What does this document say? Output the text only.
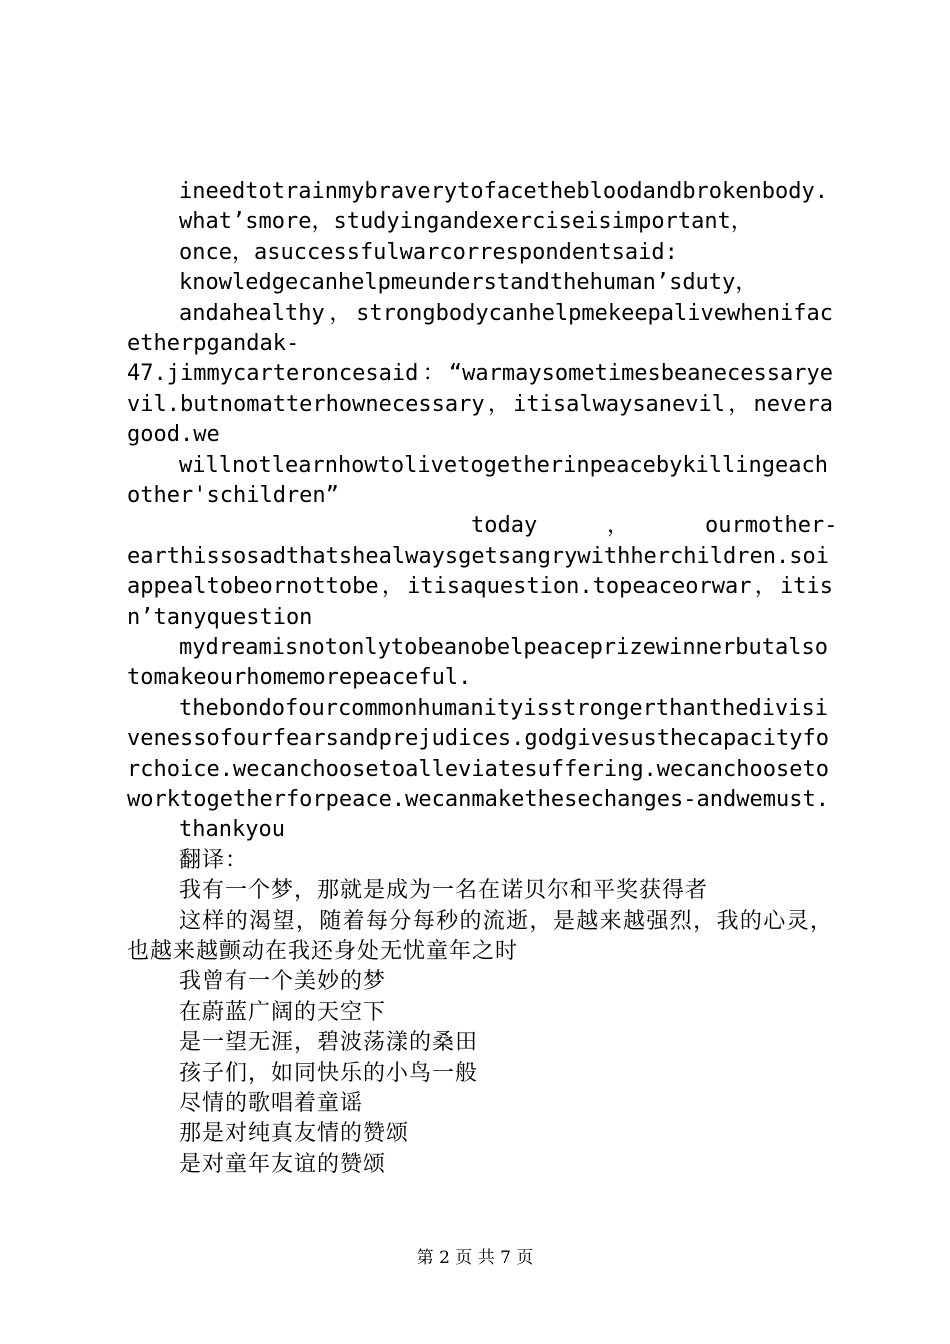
ineedtotrainmybraverytofacethebloodandbrokenbody.
what’smore，studyingandexerciseisimportant，
once，asuccessfulwarcorrespondentsaid:
knowledgecanhelpmeunderstandthehuman’sduty，
andahealthy，strongbodycanhelpmekeepalivewhenifacetherpgandak-
47.jimmycarteroncesaid：“warmaysometimesbeanecessaryevil.butnomatterhownecessary，itisalwaysanevil，neveragood.we
willnotlearnhowtolivetogetherinpeacebykillingeachother'schildren”
today	，	ourmother-
earthissosadthatshealwaysgetsangrywithherchildren.soiappealtobeornottobe，itisaquestion.topeaceorwar，itisn’tanyquestion
mydreamisnotonlytobeanobelpeaceprizewinnerbutalsotomakeourhomemorepeaceful.
thebondofourcommonhumanityisstrongerthanthedivisivenessofourfearsandprejudices.godgivesusthecapacityforchoice.wecanchoosetoalleviatesuffering.wecanchoosetoworktogetherforpeace.wecanmakethesechanges-andwemust.
thankyou
翻译：
我有一个梦，那就是成为一名在诺贝尔和平奖获得者
这样的渴望，随着每分每秒的流逝，是越来越强烈，我的心灵，也越来越颤动在我还身处无忧童年之时
我曾有一个美妙的梦
在蔚蓝广阔的天空下
是一望无涯，碧波荡漾的桑田
孩子们，如同快乐的小鸟一般
尽情的歌唱着童谣
那是对纯真友情的赞颂
是对童年友谊的赞颂
第 2 页 共 7 页
